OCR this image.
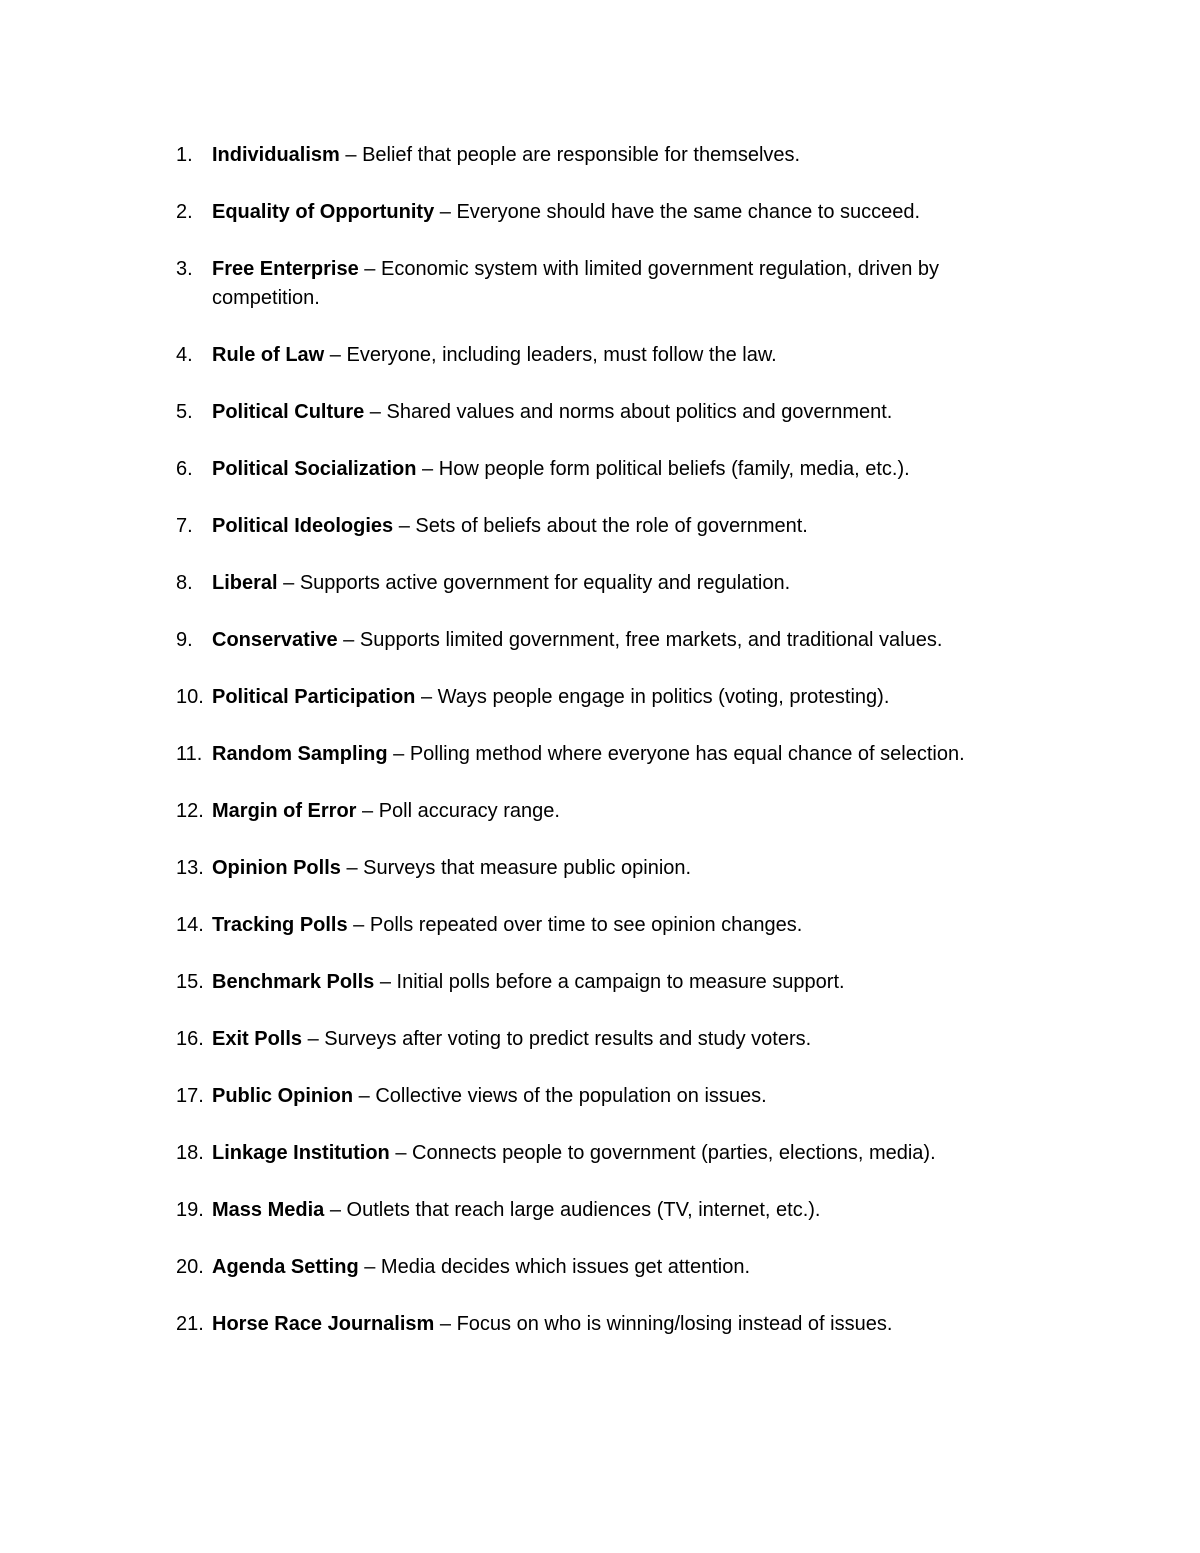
1. Individualism – Belief that people are responsible for themselves.
2. Equality of Opportunity – Everyone should have the same chance to succeed.
3. Free Enterprise – Economic system with limited government regulation, driven by competition.
4. Rule of Law – Everyone, including leaders, must follow the law.
5. Political Culture – Shared values and norms about politics and government.
6. Political Socialization – How people form political beliefs (family, media, etc.).
7. Political Ideologies – Sets of beliefs about the role of government.
8. Liberal – Supports active government for equality and regulation.
9. Conservative – Supports limited government, free markets, and traditional values.
10. Political Participation – Ways people engage in politics (voting, protesting).
11. Random Sampling – Polling method where everyone has equal chance of selection.
12. Margin of Error – Poll accuracy range.
13. Opinion Polls – Surveys that measure public opinion.
14. Tracking Polls – Polls repeated over time to see opinion changes.
15. Benchmark Polls – Initial polls before a campaign to measure support.
16. Exit Polls – Surveys after voting to predict results and study voters.
17. Public Opinion – Collective views of the population on issues.
18. Linkage Institution – Connects people to government (parties, elections, media).
19. Mass Media – Outlets that reach large audiences (TV, internet, etc.).
20. Agenda Setting – Media decides which issues get attention.
21. Horse Race Journalism – Focus on who is winning/losing instead of issues.
